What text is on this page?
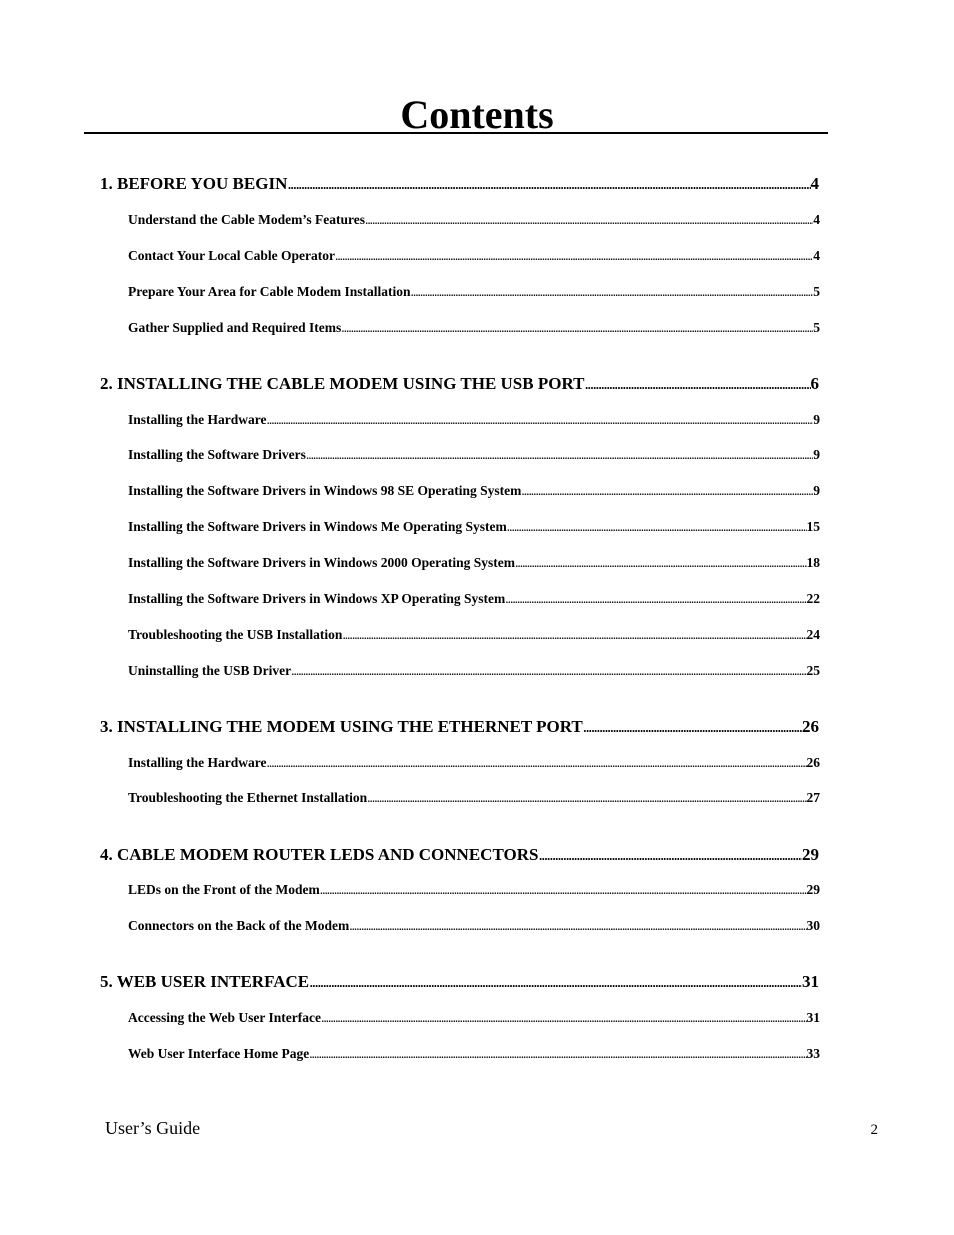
Contents
1. BEFORE YOU BEGIN . . .	4
Understand the Cable Modem’s Features . . .	4
Contact Your Local Cable Operator . . .	4
Prepare Your Area for Cable Modem Installation . . .	5
Gather Supplied and Required Items . . .	5
2. INSTALLING THE CABLE MODEM USING THE USB PORT . . .	6
Installing the Hardware . . .	9
Installing the Software Drivers . . .	9
Installing the Software Drivers in Windows 98 SE Operating System . . .	9
Installing the Software Drivers in Windows Me Operating System . . .	15
Installing the Software Drivers in Windows 2000 Operating System . . .	18
Installing the Software Drivers in Windows XP Operating System . . .	22
Troubleshooting the USB Installation . . .	24
Uninstalling the USB Driver . . .	25
3. INSTALLING THE MODEM USING THE ETHERNET PORT . . .	26
Installing the Hardware . . .	26
Troubleshooting the Ethernet Installation . . .	27
4. CABLE MODEM ROUTER LEDS AND CONNECTORS . . .	29
LEDs on the Front of the Modem . . .	29
Connectors on the Back of the Modem . . .	30
5. WEB USER INTERFACE . . .	31
Accessing the Web User Interface . . .	31
Web User Interface Home Page . . .	33
User’s Guide	2
